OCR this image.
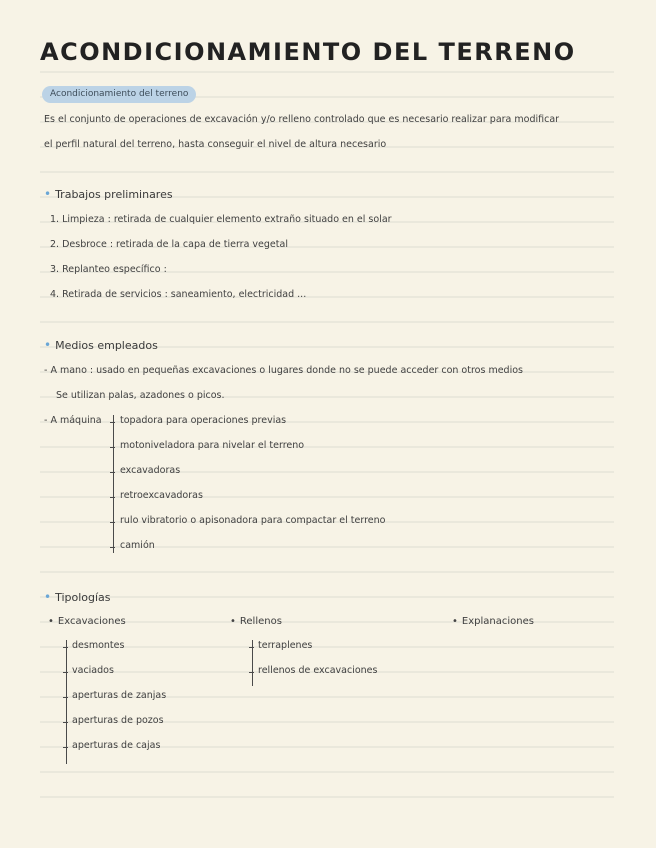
ACONDICIONAMIENTO DEL TERRENO
Acondicionamiento del terreno
Es el conjunto de operaciones de excavación y/o relleno controlado que es necesario realizar para modificar
el perfil natural del terreno, hasta conseguir el nivel de altura necesario
• Trabajos preliminares
1. Limpieza : retirada de cualquier elemento extraño situado en el solar
2. Desbroce : retirada de la capa de tierra vegetal
3. Replanteo específico :
4. Retirada de servicios : saneamiento, electricidad ...
• Medios empleados
- A mano : usado en pequeñas excavaciones o lugares donde no se puede acceder con otros medios
Se utilizan palas, azadones o picos.
- A máquina topadora para operaciones previas
motoniveladora para nivelar el terreno
excavadoras
retroexcavadoras
rulo vibratorio o apisonadora para compactar el terreno
camión
• Tipologías
• Excavaciones
desmontes
vaciados
aperturas de zanjas
aperturas de pozos
aperturas de cajas
• Rellenos
terraplenes
rellenos de excavaciones
• Explanaciones
